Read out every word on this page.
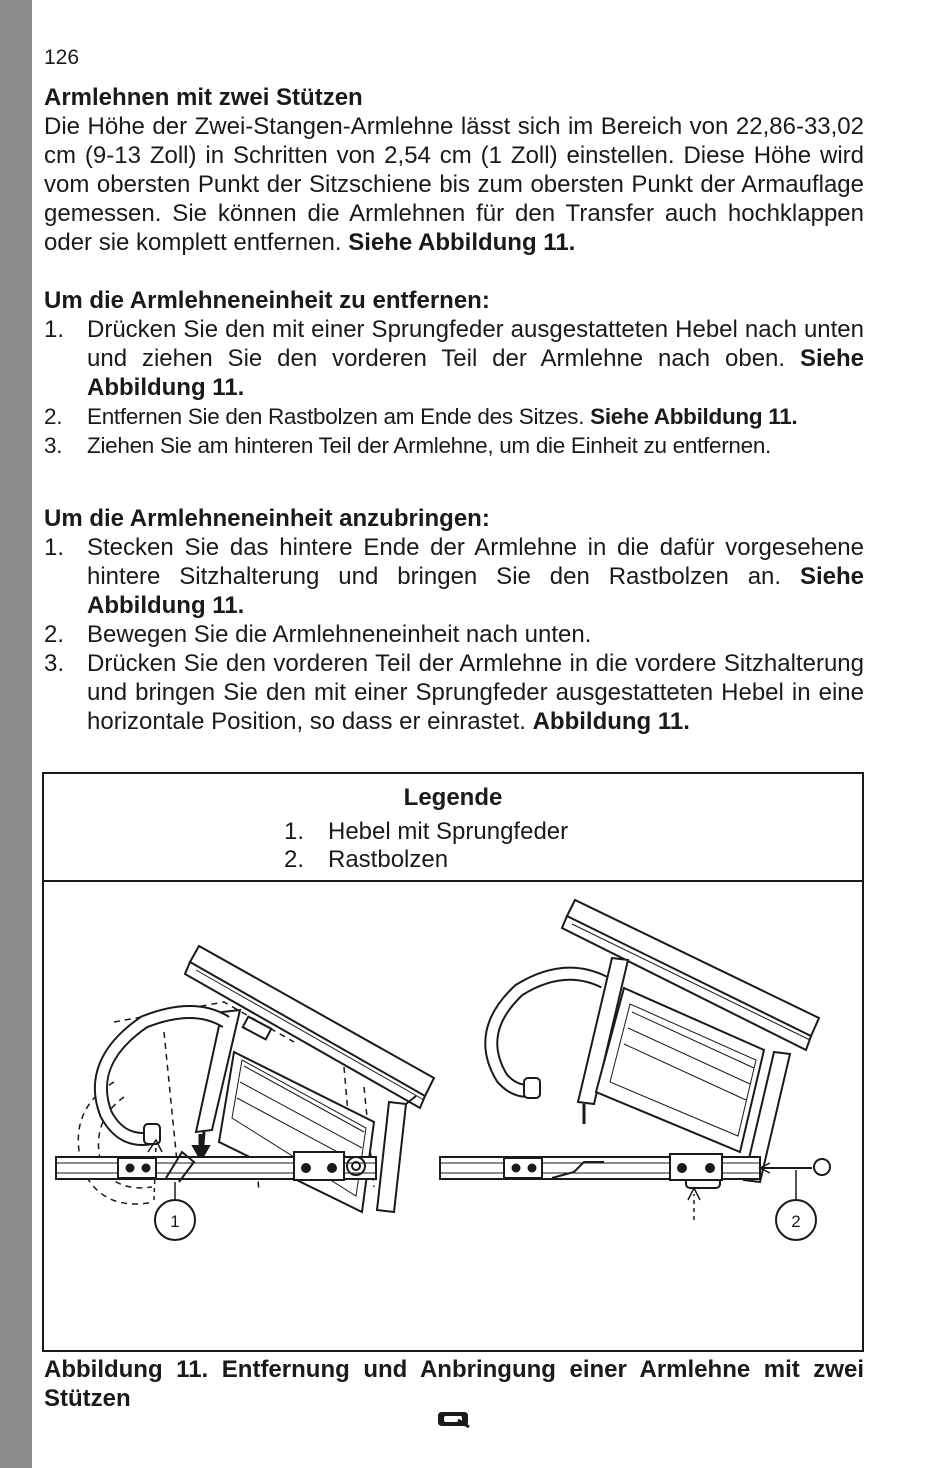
126
Armlehnen mit zwei Stützen
Die Höhe der Zwei-Stangen-Armlehne lässt sich im Bereich von 22,86-33,02 cm (9-13 Zoll) in Schritten von 2,54 cm (1 Zoll) einstellen. Diese Höhe wird vom obersten Punkt der Sitzschiene bis zum obersten Punkt der Armauflage gemessen. Sie können die Armlehnen für den Transfer auch hochklappen oder sie komplett entfernen. Siehe Abbildung 11.
Um die Armlehneneinheit zu entfernen:
1. Drücken Sie den mit einer Sprungfeder ausgestatteten Hebel nach unten und ziehen Sie den vorderen Teil der Armlehne nach oben. Siehe Abbildung 11.
2. Entfernen Sie den Rastbolzen am Ende des Sitzes. Siehe Abbildung 11.
3. Ziehen Sie am hinteren Teil der Armlehne, um die Einheit zu entfernen.
Um die Armlehneneinheit anzubringen:
1. Stecken Sie das hintere Ende der Armlehne in die dafür vorgesehene hintere Sitzhalterung und bringen Sie den Rastbolzen an. Siehe Abbildung 11.
2. Bewegen Sie die Armlehneneinheit nach unten.
3. Drücken Sie den vorderen Teil der Armlehne in die vordere Sitzhalterung und bringen Sie den mit einer Sprungfeder ausgestatteten Hebel in eine horizontale Position, so dass er einrastet. Abbildung 11.
Legende
1. Hebel mit Sprungfeder
2. Rastbolzen
1	2
Abbildung 11. Entfernung und Anbringung einer Armlehne mit zwei Stützen
